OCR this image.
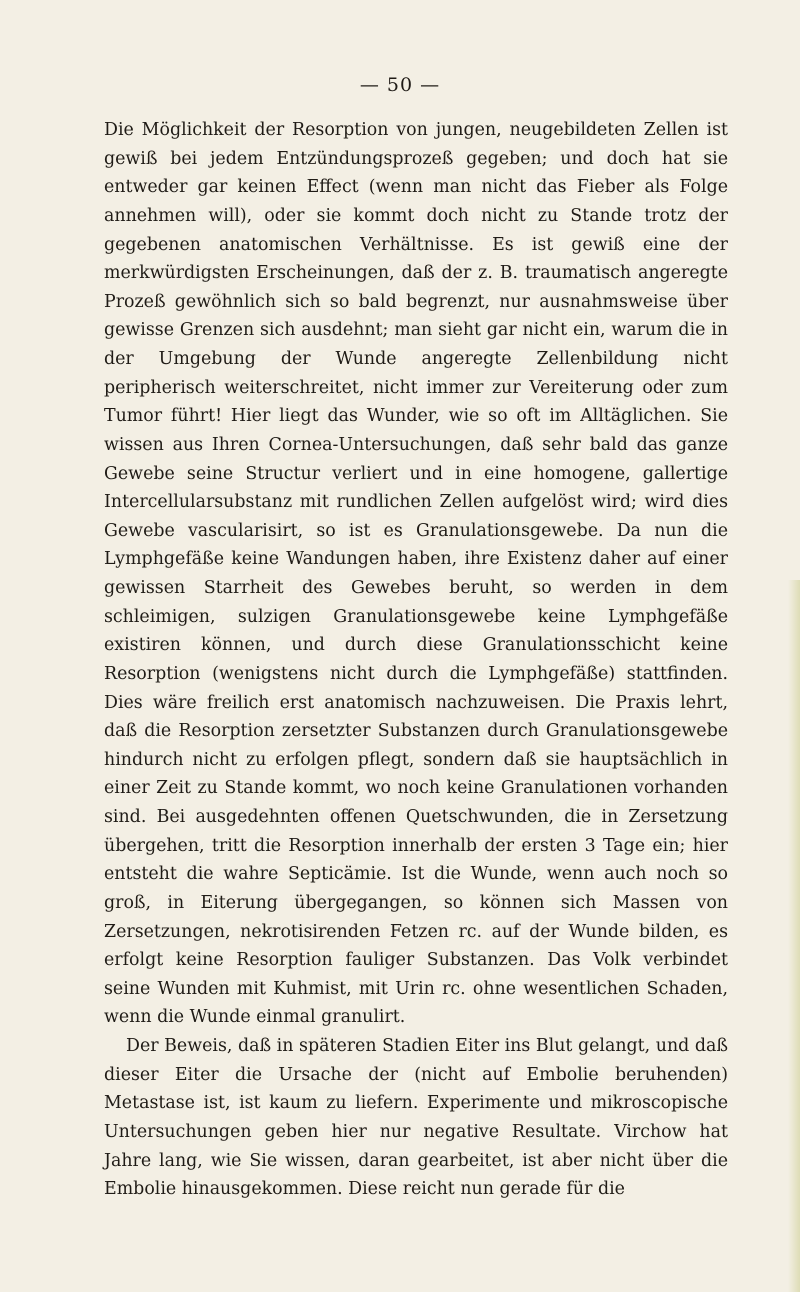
— 50 —

Die Möglichkeit der Resorption von jungen, neugebildeten Zellen ist gewiß bei jedem Entzündungsprozeß gegeben; und doch hat sie entweder gar keinen Effect (wenn man nicht das Fieber als Folge annehmen will), oder sie kommt doch nicht zu Stande trotz der gegebenen anatomischen Verhältnisse. Es ist gewiß eine der merkwürdigsten Erscheinungen, daß der z. B. traumatisch angeregte Prozeß gewöhnlich sich so bald begrenzt, nur ausnahmsweise über gewisse Grenzen sich ausdehnt; man sieht gar nicht ein, warum die in der Umgebung der Wunde angeregte Zellenbildung nicht peripherisch weiterschreitet, nicht immer zur Vereiterung oder zum Tumor führt! Hier liegt das Wunder, wie so oft im Alltäglichen. Sie wissen aus Ihren Cornea-Untersuchungen, daß sehr bald das ganze Gewebe seine Structur verliert und in eine homogene, gallertige Intercellularsubstanz mit rundlichen Zellen aufgelöst wird; wird dies Gewebe vascularisirt, so ist es Granulationsgewebe. Da nun die Lymphgefäße keine Wandungen haben, ihre Existenz daher auf einer gewissen Starrheit des Gewebes beruht, so werden in dem schleimigen, sulzigen Granulationsgewebe keine Lymphgefäße existiren können, und durch diese Granulationsschicht keine Resorption (wenigstens nicht durch die Lymphgefäße) stattfinden. Dies wäre freilich erst anatomisch nachzuweisen. Die Praxis lehrt, daß die Resorption zersetzter Substanzen durch Granulationsgewebe hindurch nicht zu erfolgen pflegt, sondern daß sie hauptsächlich in einer Zeit zu Stande kommt, wo noch keine Granulationen vorhanden sind. Bei ausgedehnten offenen Quetschwunden, die in Zersetzung übergehen, tritt die Resorption innerhalb der ersten 3 Tage ein; hier entsteht die wahre Septicämie. Ist die Wunde, wenn auch noch so groß, in Eiterung übergegangen, so können sich Massen von Zersetzungen, nekrotisirenden Fetzen rc. auf der Wunde bilden, es erfolgt keine Resorption fauliger Substanzen. Das Volk verbindet seine Wunden mit Kuhmist, mit Urin rc. ohne wesentlichen Schaden, wenn die Wunde einmal granulirt.

Der Beweis, daß in späteren Stadien Eiter ins Blut gelangt, und daß dieser Eiter die Ursache der (nicht auf Embolie beruhenden) Metastase ist, ist kaum zu liefern. Experimente und mikroscopische Untersuchungen geben hier nur negative Resultate. Virchow hat Jahre lang, wie Sie wissen, daran gearbeitet, ist aber nicht über die Embolie hinausgekommen. Diese reicht nun gerade für die
